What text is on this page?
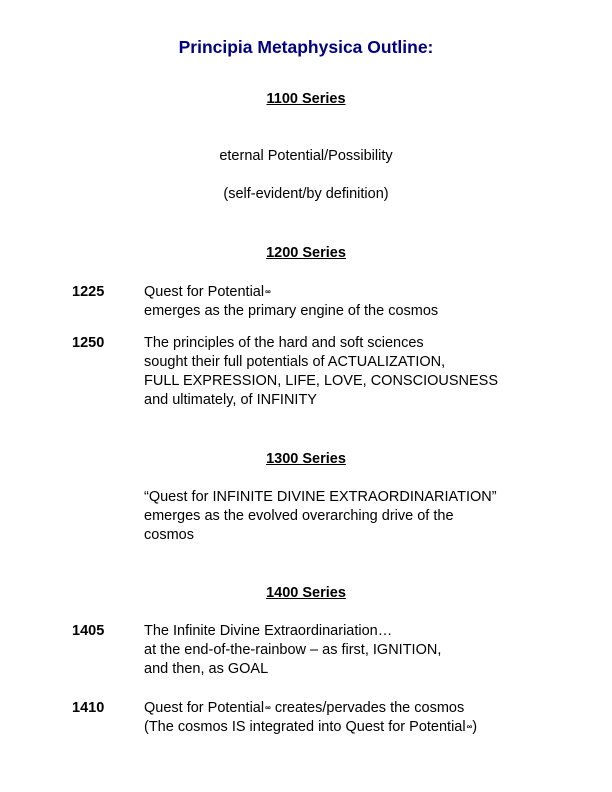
Principia Metaphysica Outline:
1100 Series
eternal Potential/Possibility
(self-evident/by definition)
1200 Series
1225	Quest for Potential∞
emerges as the primary engine of the cosmos
1250	The principles of the hard and soft sciences
sought their full potentials of ACTUALIZATION,
FULL EXPRESSION, LIFE, LOVE, CONSCIOUSNESS
and ultimately, of INFINITY
1300 Series
“Quest for INFINITE DIVINE EXTRAORDINARIATION”
emerges as the evolved overarching drive of the
cosmos
1400 Series
1405	The Infinite Divine Extraordinariation…
at the end-of-the-rainbow – as first, IGNITION,
and then, as GOAL
1410	Quest for Potential∞ creates/pervades the cosmos
(The cosmos IS integrated into Quest for Potential∞)
